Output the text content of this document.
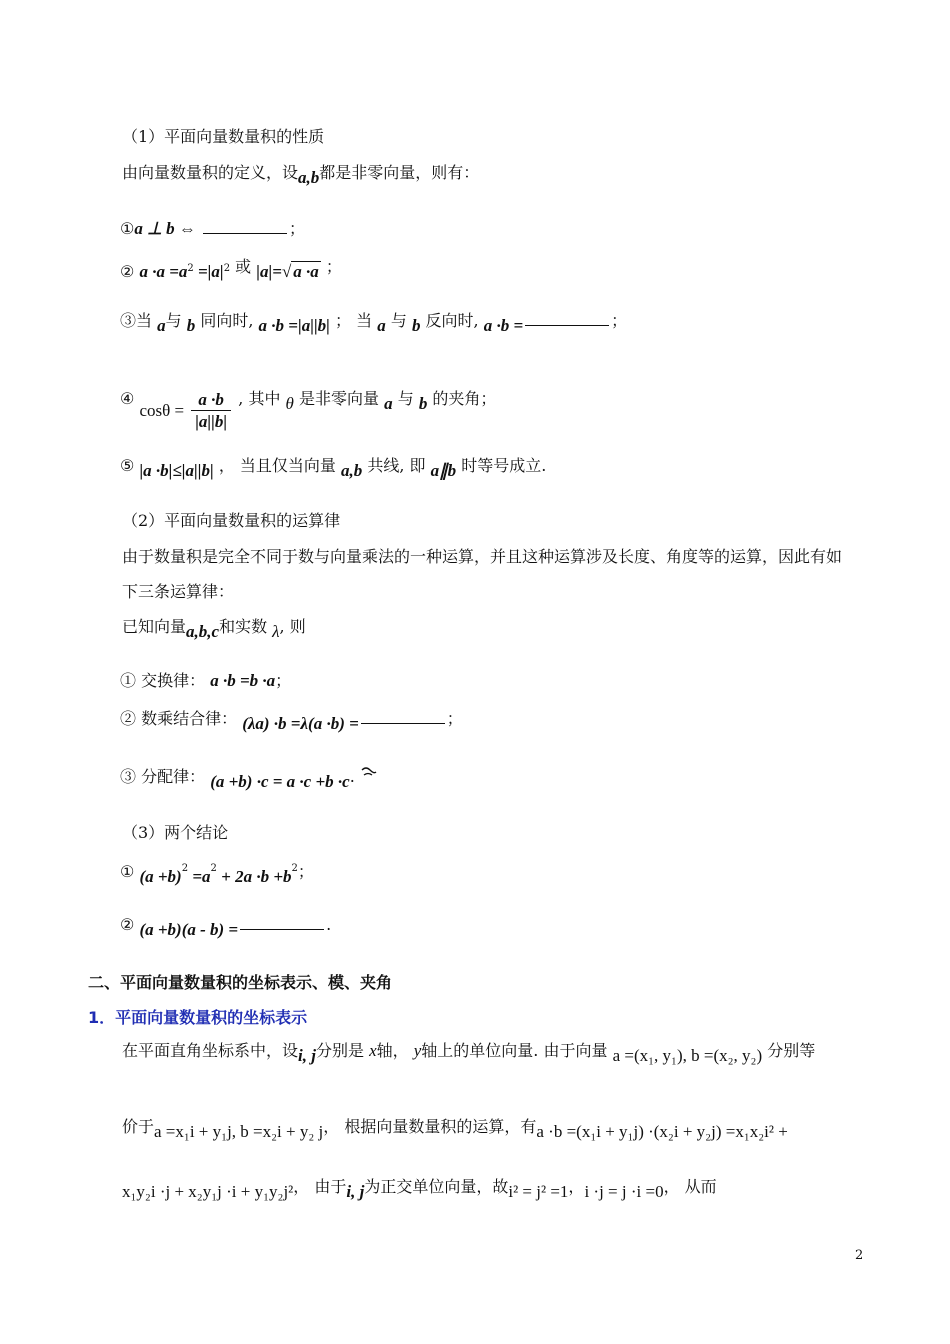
（1）平面向量数量积的性质
由向量数量积的定义，设a,b都是非零向量，则有：
①a ⊥ b ⇔	；
② $a \cdot a =a^2 =|a|^2$ 或 |a|=√ a ·a ；
③当 a与 b 同向时, a ·b =|a||b| ； 当 a 与 b 反向时, a ·b =	；
④ $\cos\theta = \frac{a \cdot b}{|a||b|}$ , 其中 θ 是非零向量 a 与 b 的夹角；
⑤ |a ·b|≤|a||b| ， 当且仅当向量 a,b 共线, 即 a∥b 时等号成立.
（2）平面向量数量积的运算律
由于数量积是完全不同于数与向量乘法的一种运算，并且这种运算涉及长度、角度等的运算，因此有如
下三条运算律：
已知向量a,b,c和实数 λ, 则
① 交换律： a ·b =b ·a；
② 数乘结合律： (λa) ·b =λ(a ·b) =	；
③ 分配律： (a +b) ·c = a ·c +b ·c.
（3）两个结论
① $(a +b)^2 =a^2 + 2a \cdot b +b^2$；
② (a +b)(a - b) =	.
二、平面向量数量积的坐标表示、模、夹角
1．平面向量数量积的坐标表示
在平面直角坐标系中，设i, j分别是 x轴， y轴上的单位向量. 由于向量 a =(x₁, y₁), b =(x₂, y₂) 分别等
价于a =x₁i + y₁j, b =x₂i + y₂ j， 根据向量数量积的运算，有a ·b =(x₁i + y₁j) ·(x₂i + y₂j) =x₁x₂i² +
x₁y₂i ·j + x₂y₁j ·i + y₁y₂j²， 由于i, j为正交单位向量，故i² = j² =1，i ·j = j ·i =0， 从而
2
